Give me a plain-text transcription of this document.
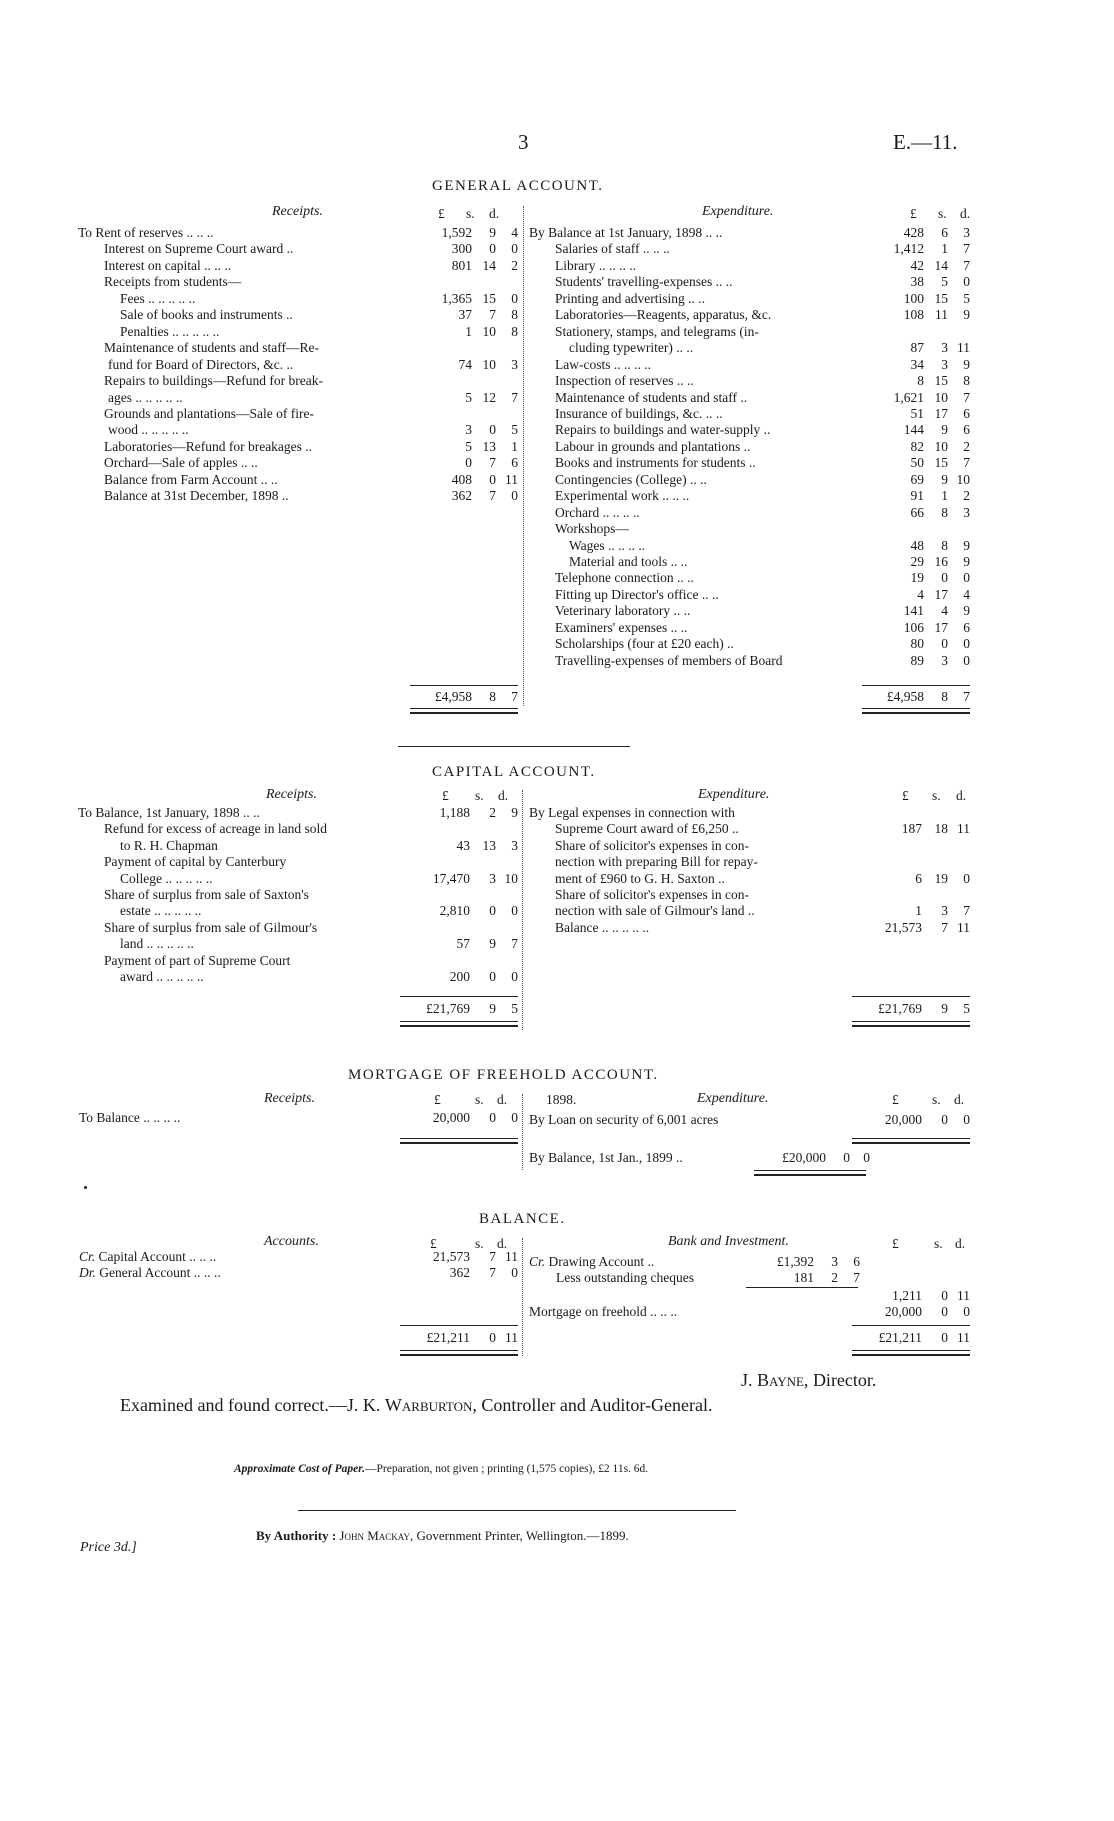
3	E.—11.
GENERAL ACCOUNT.
Receipts.	Expenditure.
£ s. d.	£ s. d.
To Rent of reserves .. .. ..	1,592 9 4
Interest on Supreme Court award ..	300 0 0
Interest on capital .. .. ..	801 14 2
Receipts from students—
Fees .. .. .. .. ..	1,365 15 0
Sale of books and instruments ..	37 7 8
Penalties .. .. .. .. ..	1 10 8
Maintenance of students and staff—Re-
fund for Board of Directors, &c. ..	74 10 3
Repairs to buildings—Refund for break-
ages .. .. .. .. ..	5 12 7
Grounds and plantations—Sale of fire-
wood .. .. .. .. ..	3 0 5
Laboratories—Refund for breakages ..	5 13 1
Orchard—Sale of apples .. ..	0 7 6
Balance from Farm Account .. ..	408 0 11
Balance at 31st December, 1898 ..	362 7 0
By Balance at 1st January, 1898 .. ..	428 6 3
Salaries of staff .. .. ..	1,412 1 7
Library .. .. .. ..	42 14 7
Students' travelling-expenses .. ..	38 5 0
Printing and advertising .. ..	100 15 5
Laboratories—Reagents, apparatus, &c.	108 11 9
Stationery, stamps, and telegrams (in-
cluding typewriter) .. ..	87 3 11
Law-costs .. .. .. ..	34 3 9
Inspection of reserves .. ..	8 15 8
Maintenance of students and staff ..	1,621 10 7
Insurance of buildings, &c. .. ..	51 17 6
Repairs to buildings and water-supply ..	144 9 6
Labour in grounds and plantations ..	82 10 2
Books and instruments for students ..	50 15 7
Contingencies (College) .. ..	69 9 10
Experimental work .. .. ..	91 1 2
Orchard .. .. .. ..	66 8 3
Workshops—
Wages .. .. .. ..	48 8 9
Material and tools .. ..	29 16 9
Telephone connection .. ..	19 0 0
Fitting up Director's office .. ..	4 17 4
Veterinary laboratory .. ..	141 4 9
Examiners' expenses .. ..	106 17 6
Scholarships (four at £20 each) ..	80 0 0
Travelling-expenses of members of Board	89 3 0
£4,958 8 7	£4,958 8 7
CAPITAL ACCOUNT.
Receipts.	Expenditure.
£ s. d.	£ s. d.
To Balance, 1st January, 1898 .. ..	1,188 2 9
Refund for excess of acreage in land sold
to R. H. Chapman	43 13 3
Payment of capital by Canterbury
College .. .. .. .. ..	17,470 3 10
Share of surplus from sale of Saxton's
estate .. .. .. .. ..	2,810 0 0
Share of surplus from sale of Gilmour's
land .. .. .. .. ..	57 9 7
Payment of part of Supreme Court
award .. .. .. .. ..	200 0 0
By Legal expenses in connection with
Supreme Court award of £6,250 ..	187 18 11
Share of solicitor's expenses in con-
nection with preparing Bill for repay-
ment of £960 to G. H. Saxton ..	6 19 0
Share of solicitor's expenses in con-
nection with sale of Gilmour's land ..	1 3 7
Balance .. .. .. .. ..	21,573 7 11
£21,769 9 5	£21,769 9 5
MORTGAGE OF FREEHOLD ACCOUNT.
Receipts.	£	s. d.	1898.	Expenditure.	£ s. d.
To Balance .. .. .. ..	20,000 0 0 By Loan on security of 6,001 acres	20,000 0 0
By Balance, 1st Jan., 1899 ..	£20,000 0 0
BALANCE.
Accounts.	£	s. d.	Bank and Investment.	£	s. d.
Cr. Capital Account .. .. ..	21,573 7 11
Dr. General Account .. .. ..	362 7 0
Cr. Drawing Account ..	£1,392 3 6
Less outstanding cheques	181 2 7
1,211 0 11
Mortgage on freehold .. .. ..	20,000 0 0
£21,211 0 11	£21,211 0 11
J. Bayne, Director.
Examined and found correct.—J. K. Warburton, Controller and Auditor-General.
Approximate Cost of Paper.—Preparation, not given ; printing (1,575 copies), £2 11s. 6d.
By Authority : John Mackay, Government Printer, Wellington.—1899.
Price 3d.]
